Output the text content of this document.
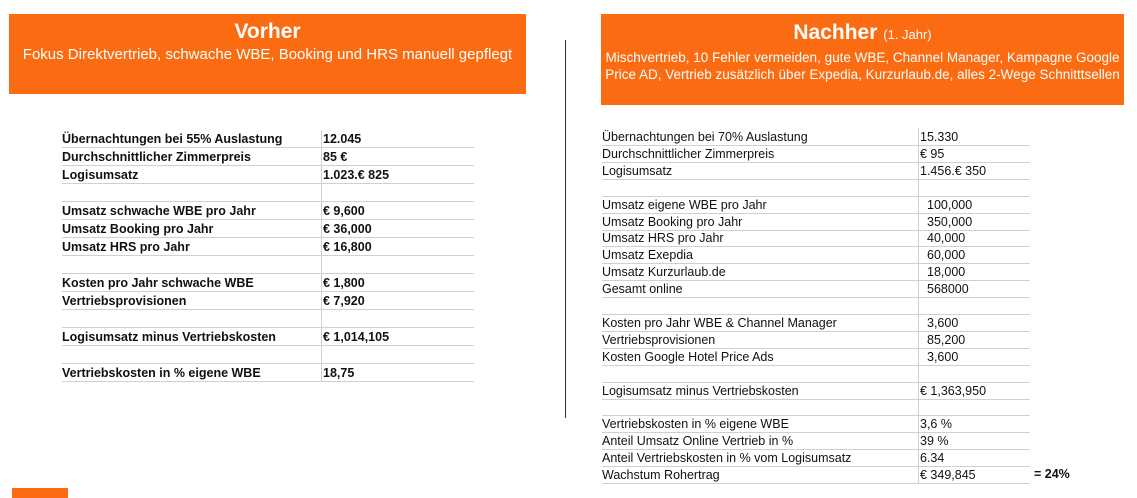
Vorher
Fokus Direktvertrieb, schwache WBE, Booking und HRS manuell gepflegt
Nachher (1. Jahr)
Mischvertrieb, 10 Fehler vermeiden, gute WBE, Channel Manager, Kampagne Google Price AD, Vertrieb zusätzlich über Expedia, Kurzurlaub.de, alles 2-Wege Schnitttsellen
Übernachtungen bei 55% Auslastung	12.045
Durchschnittlicher Zimmerpreis	85 €
Logisumsatz	1.023.€ 825
Umsatz schwache WBE pro Jahr	€ 9,600
Umsatz Booking pro Jahr	€ 36,000
Umsatz HRS pro Jahr	€ 16,800
Kosten pro Jahr schwache WBE	€ 1,800
Vertriebsprovisionen	€ 7,920
Logisumsatz minus Vertriebskosten	€ 1,014,105
Vertriebskosten in % eigene WBE	18,75
Übernachtungen bei 70% Auslastung	15.330
Durchschnittlicher Zimmerpreis	€ 95
Logisumsatz	1.456.€ 350
Umsatz eigene WBE pro Jahr	100,000
Umsatz Booking pro Jahr	350,000
Umsatz HRS pro Jahr	40,000
Umsatz Exepdia	60,000
Umsatz Kurzurlaub.de	18,000
Gesamt online	568000
Kosten pro Jahr WBE & Channel Manager	3,600
Vertriebsprovisionen	85,200
Kosten Google Hotel Price Ads	3,600
Logisumsatz minus Vertriebskosten	€ 1,363,950
Vertriebskosten in % eigene WBE	3,6 %
Anteil Umsatz Online Vertrieb in %	39 %
Anteil Vertriebskosten in % vom Logisumsatz	6.34
Wachstum Rohertrag	€ 349,845	= 24%
